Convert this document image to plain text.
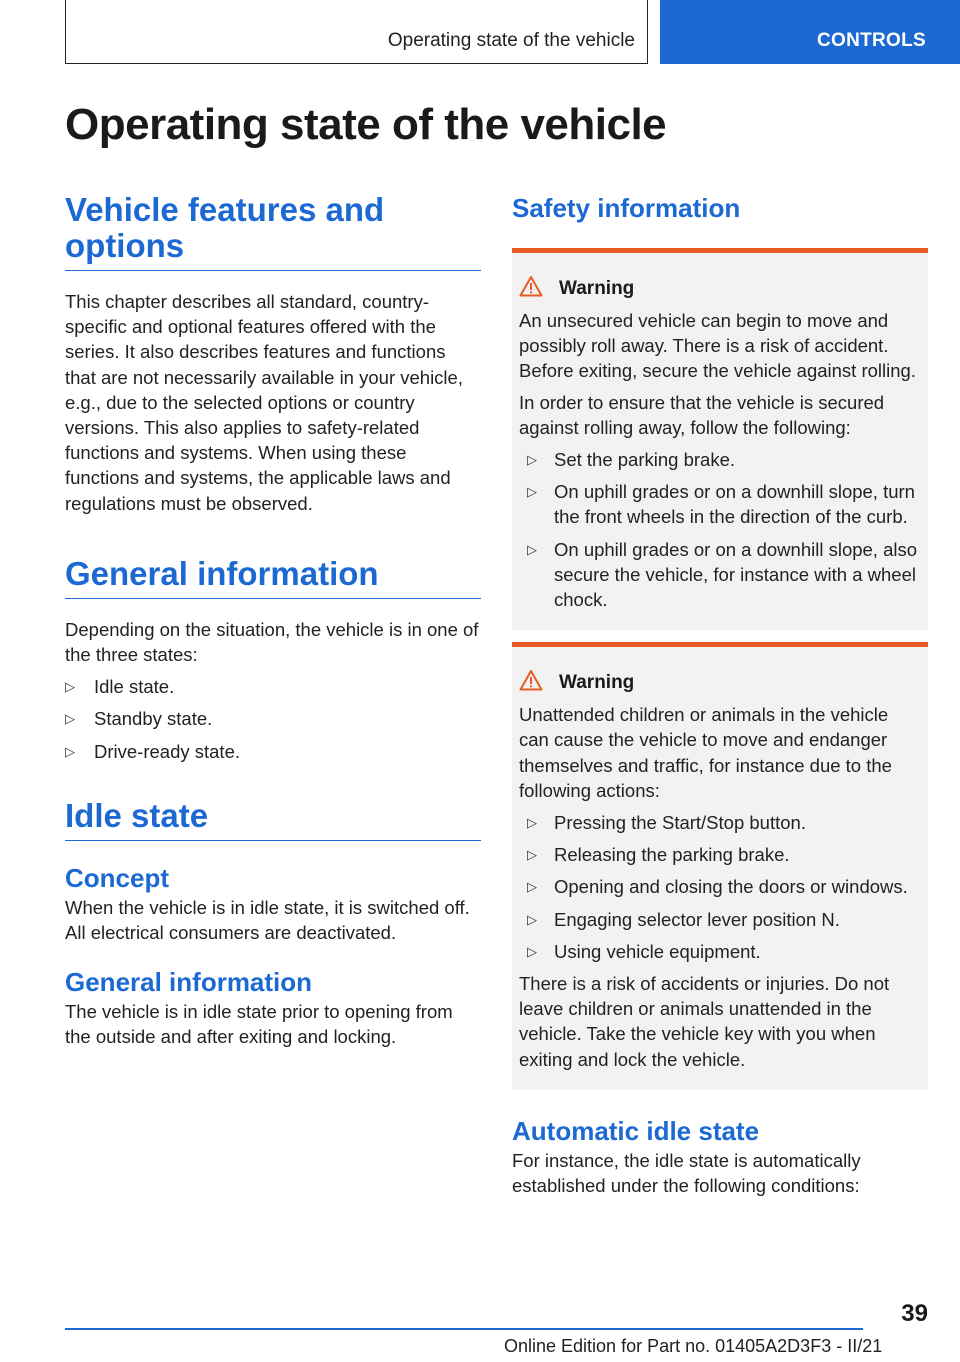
Operating state of the vehicle	CONTROLS
Operating state of the vehicle
Vehicle features and
options

This chapter describes all standard, country-specific and optional features offered with the series. It also describes features and functions that are not necessarily available in your vehicle, e.g., due to the selected options or country versions. This also applies to safety-related functions and systems. When using these functions and systems, the applicable laws and regulations must be observed.

General information

Depending on the situation, the vehicle is in one of the three states:

▷ Idle state.
▷ Standby state.
▷ Drive-ready state.
Idle state
Concept

When the vehicle is in idle state, it is switched off. All electrical consumers are deactivated.

General information

The vehicle is in idle state prior to opening from the outside and after exiting and locking.

Safety information
Warning

An unsecured vehicle can begin to move and possibly roll away. There is a risk of accident. Before exiting, secure the vehicle against rolling.

In order to ensure that the vehicle is secured against rolling away, follow the following:

▷ Set the parking brake.
▷ On uphill grades or on a downhill slope, turn the front wheels in the direction of the curb.
▷ On uphill grades or on a downhill slope, also secure the vehicle, for instance with a wheel chock.
Warning

Unattended children or animals in the vehicle can cause the vehicle to move and endanger themselves and traffic, for instance due to the following actions:

▷ Pressing the Start/Stop button.
▷ Releasing the parking brake.
▷ Opening and closing the doors or windows.
▷ Engaging selector lever position N.
▷ Using vehicle equipment.

There is a risk of accidents or injuries. Do not leave children or animals unattended in the vehicle. Take the vehicle key with you when exiting and lock the vehicle.

Automatic idle state

For instance, the idle state is automatically established under the following conditions:

39
Online Edition for Part no. 01405A2D3F3 - II/21
